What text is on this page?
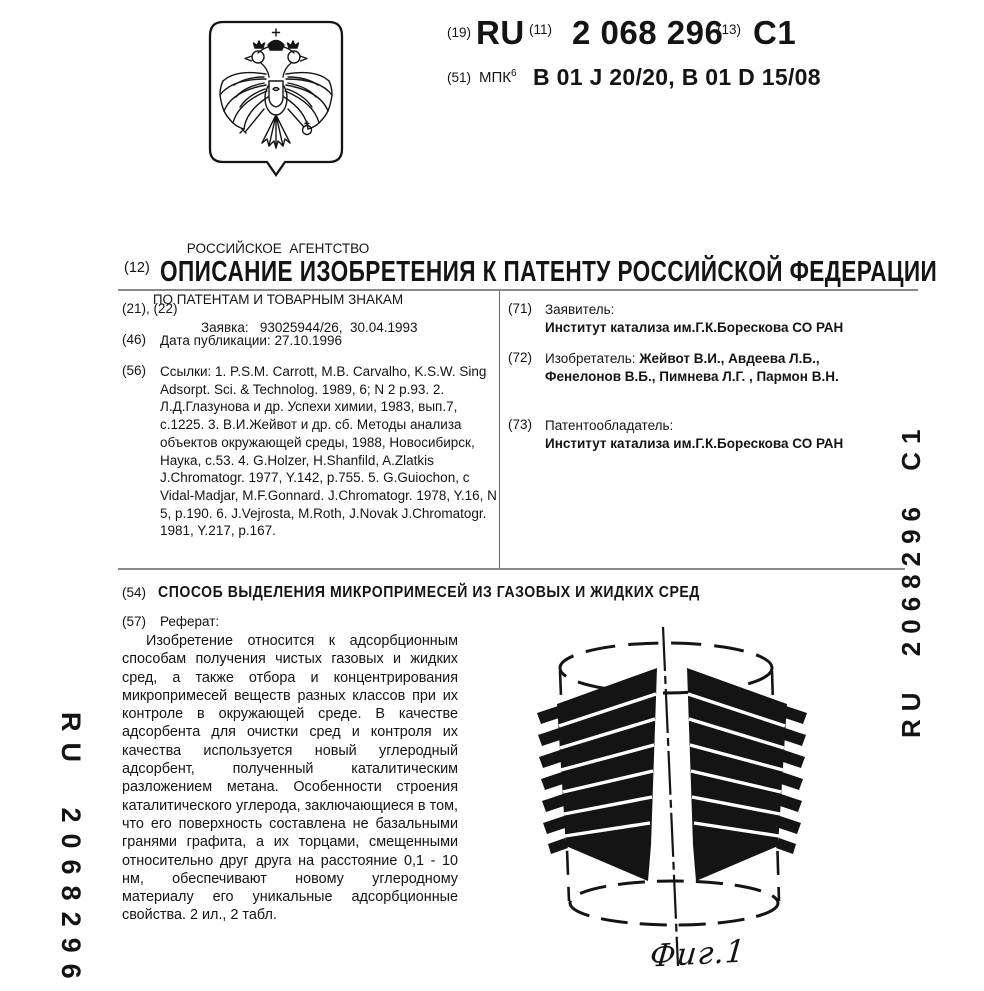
(19) RU (11) 2 068 296
(13) C1
(51) МПК$^6$ B 01 J 20/20, B 01 D 15/08

РОССИЙСКОЕ  АГЕНТСТВО

ПО ПАТЕНТАМ И ТОВАРНЫМ ЗНАКАМ

(12) ОПИСАНИЕ ИЗОБРЕТЕНИЯ К ПАТЕНТУ РОССИЙСКОЙ ФЕДЕРАЦИИ
(21), (22)

Заявка: 93025944/26,  30.04.1993

(46) Дата публикации: 27.10.1996
(56) Ссылки: 1. P.S.M. Carrott, M.B. Carvalho, K.S.W. Sing Adsorpt. Sci. & Technolog. 1989, 6; N 2 p.93. 2. Л.Д.Глазунова и др. Успехи химии, 1983, вып.7, с.1225. 3. В.И.Жейвот и др. сб. Методы анализа объектов окружающей среды, 1988, Новосибирск, Наука, с.53. 4. G.Holzer, H.Shanfild, A.Zlatkis J.Chromatogr. 1977, Y.142, p.755. 5. G.Guiochon, c Vidal-Madjar, M.F.Gonnard. J.Chromatogr. 1978, Y.16, N 5, p.190. 6. J.Vejrosta, M.Roth, J.Novak J.Chromatogr. 1981, Y.217, p.167.
(71) Заявитель:
Институт катализа им.Г.К.Борескова СО РАН
(72) Изобретатель: Жейвот В.И., Авдеева Л.Б., Фенелонов В.Б., Пимнева Л.Г. , Пармон В.Н.
(73) Патентообладатель:
Институт катализа им.Г.К.Борескова СО РАН
(54) СПОСОБ ВЫДЕЛЕНИЯ МИКРОПРИМЕСЕЙ ИЗ ГАЗОВЫХ И ЖИДКИХ СРЕД
(57) Реферат:
Изобретение относится к адсорбционным способам получения чистых газовых и жидких сред, а также отбора и концентрирования микропримесей веществ разных классов при их контроле в окружающей среде. В качестве адсорбента для очистки сред и контроля их качества используется новый углеродный адсорбент, полученный каталитическим разложением метана. Особенности строения каталитического углерода, заключающиеся в том, что его поверхность составлена не базальными гранями графита, а их торцами, смещенными относительно друг друга на расстояние 0,1 - 10 нм, обеспечивают новому углеродному материалу его уникальные адсорбционные свойства. 2 ил., 2 табл.
Фиг.1
RU 2068296
RU 2068296 C1
